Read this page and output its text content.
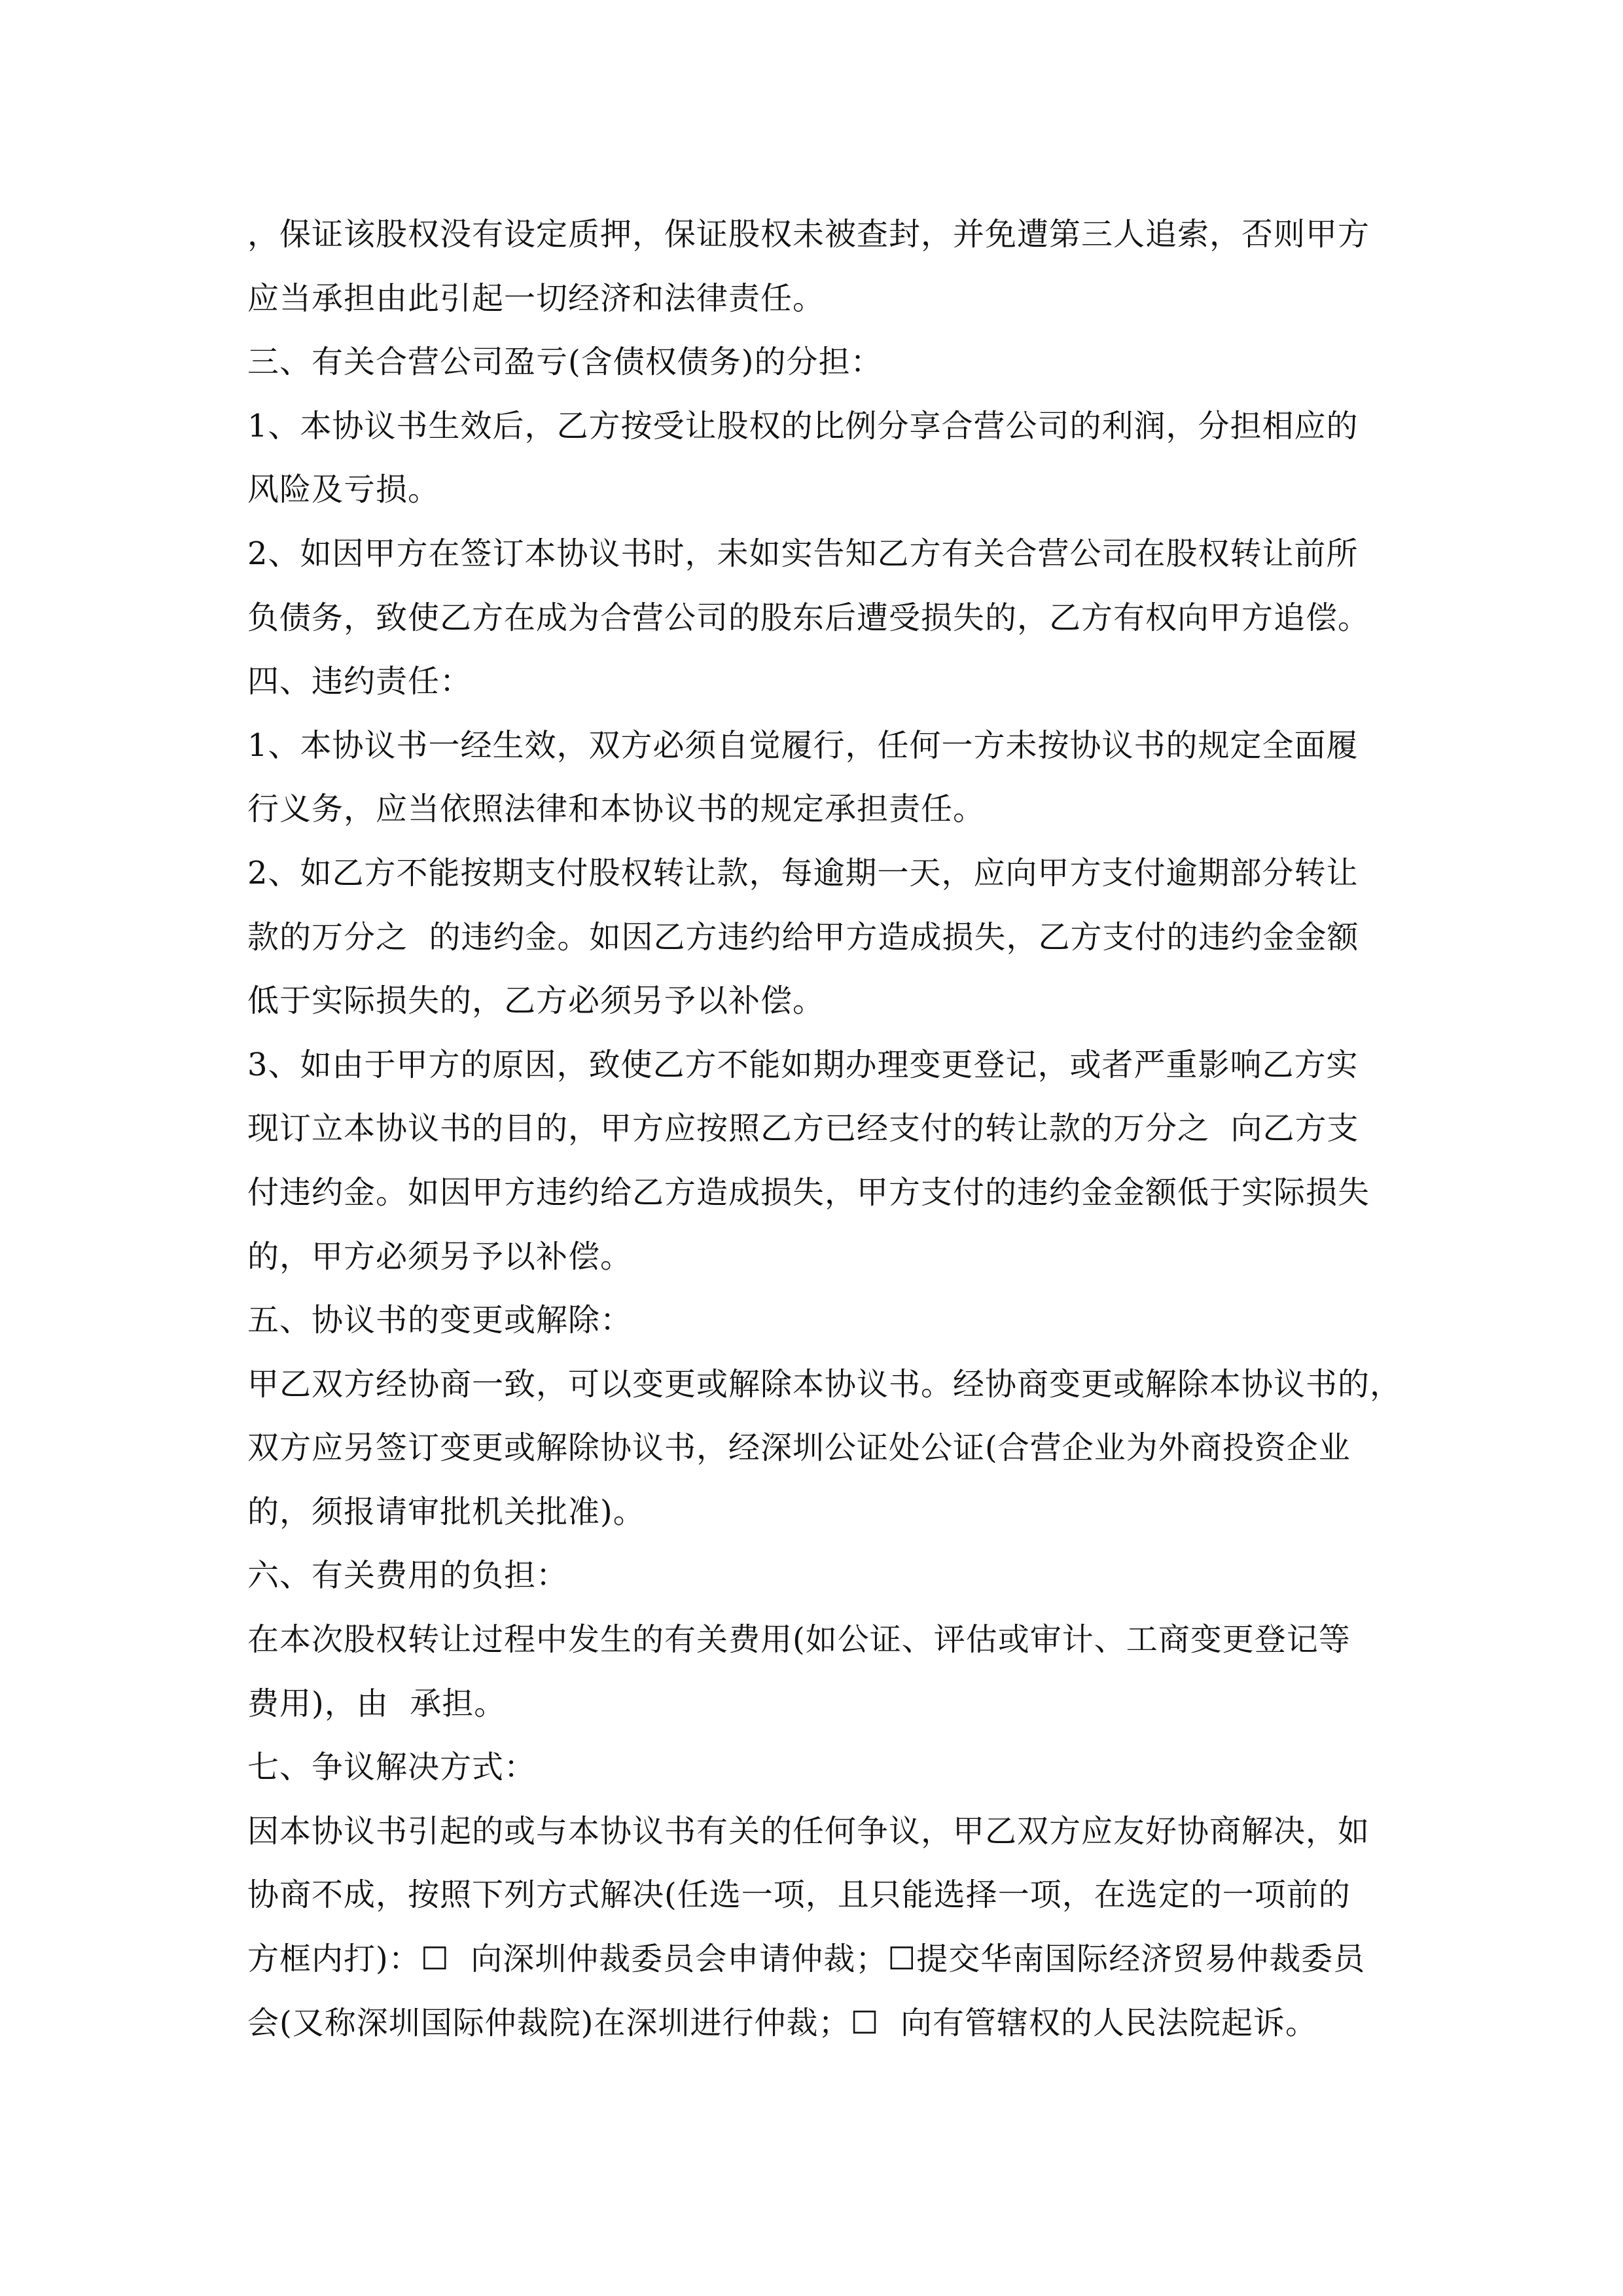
，保证该股权没有设定质押，保证股权未被查封，并免遭第三人追索，否则甲方
应当承担由此引起一切经济和法律责任。
三、有关合营公司盈亏(含债权债务)的分担：
1、本协议书生效后，乙方按受让股权的比例分享合营公司的利润，分担相应的
风险及亏损。
2、如因甲方在签订本协议书时，未如实告知乙方有关合营公司在股权转让前所
负债务，致使乙方在成为合营公司的股东后遭受损失的，乙方有权向甲方追偿。
四、违约责任：
1、本协议书一经生效，双方必须自觉履行，任何一方未按协议书的规定全面履
行义务，应当依照法律和本协议书的规定承担责任。
2、如乙方不能按期支付股权转让款，每逾期一天，应向甲方支付逾期部分转让
款的万分之  的违约金。如因乙方违约给甲方造成损失，乙方支付的违约金金额
低于实际损失的，乙方必须另予以补偿。
3、如由于甲方的原因，致使乙方不能如期办理变更登记，或者严重影响乙方实
现订立本协议书的目的，甲方应按照乙方已经支付的转让款的万分之  向乙方支
付违约金。如因甲方违约给乙方造成损失，甲方支付的违约金金额低于实际损失
的，甲方必须另予以补偿。
五、协议书的变更或解除：
甲乙双方经协商一致，可以变更或解除本协议书。经协商变更或解除本协议书的，
双方应另签订变更或解除协议书，经深圳公证处公证(合营企业为外商投资企业
的，须报请审批机关批准)。
六、有关费用的负担：
在本次股权转让过程中发生的有关费用(如公证、评估或审计、工商变更登记等
费用)，由  承担。
七、争议解决方式：
因本协议书引起的或与本协议书有关的任何争议，甲乙双方应友好协商解决，如
协商不成，按照下列方式解决(任选一项，且只能选择一项，在选定的一项前的
方框内打)：☐  向深圳仲裁委员会申请仲裁；☐提交华南国际经济贸易仲裁委员
会(又称深圳国际仲裁院)在深圳进行仲裁；☐  向有管辖权的人民法院起诉。
